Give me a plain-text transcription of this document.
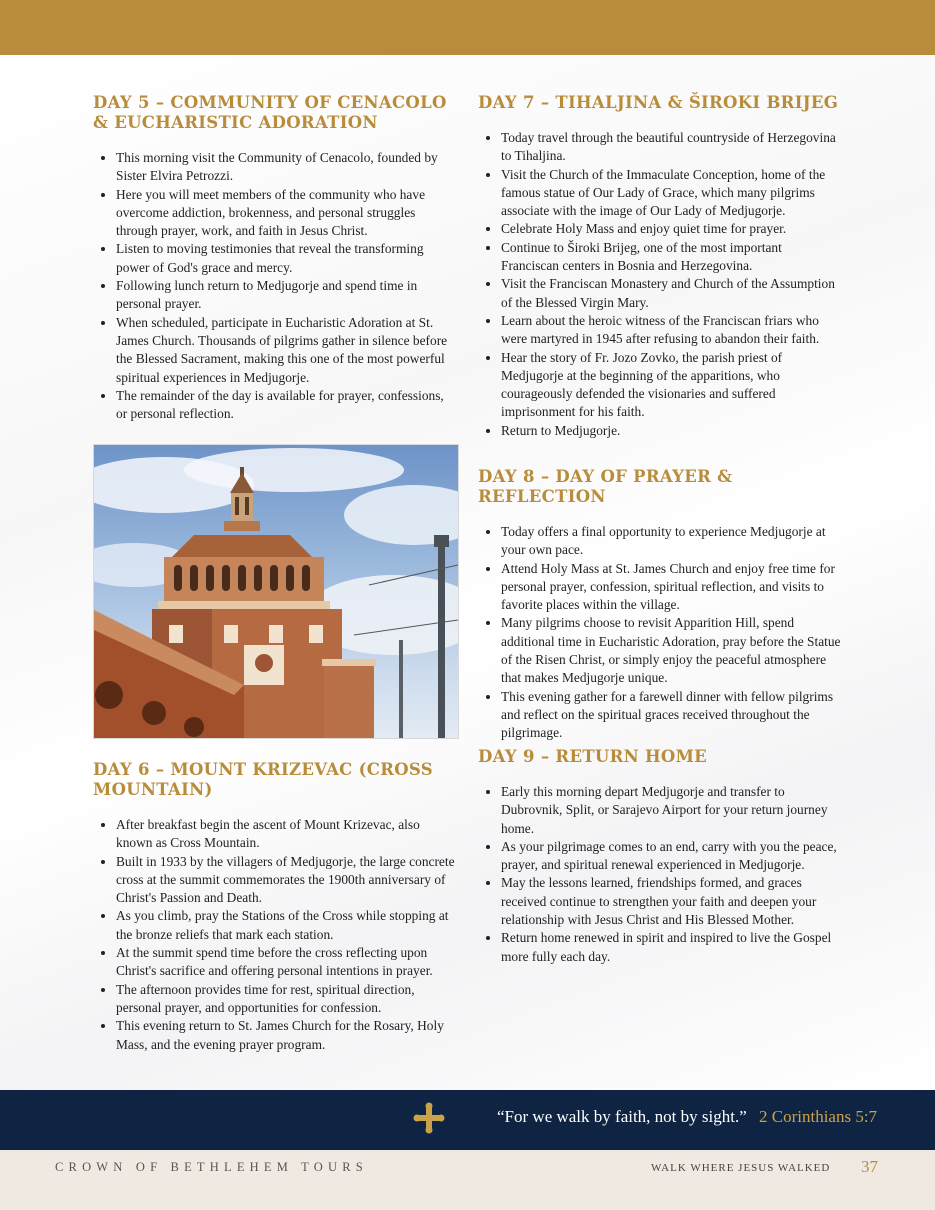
DAY 5 – COMMUNITY OF CENACOLO & EUCHARISTIC ADORATION
• This morning visit the Community of Cenacolo, founded by Sister Elvira Petrozzi.
• Here you will meet members of the community who have overcome addiction, brokenness, and personal struggles through prayer, work, and faith in Jesus Christ.
• Listen to moving testimonies that reveal the transforming power of God's grace and mercy.
• Following lunch return to Medjugorje and spend time in personal prayer.
• When scheduled, participate in Eucharistic Adoration at St. James Church. Thousands of pilgrims gather in silence before the Blessed Sacrament, making this one of the most powerful spiritual experiences in Medjugorje.
• The remainder of the day is available for prayer, confessions, or personal reflection.
DAY 6 – MOUNT KRIZEVAC (CROSS MOUNTAIN)
• After breakfast begin the ascent of Mount Krizevac, also known as Cross Mountain.
• Built in 1933 by the villagers of Medjugorje, the large concrete cross at the summit commemorates the 1900th anniversary of Christ's Passion and Death.
• As you climb, pray the Stations of the Cross while stopping at the bronze reliefs that mark each station.
• At the summit spend time before the cross reflecting upon Christ's sacrifice and offering personal intentions in prayer.
• The afternoon provides time for rest, spiritual direction, personal prayer, and opportunities for confession.
• This evening return to St. James Church for the Rosary, Holy Mass, and the evening prayer program.
DAY 7 – TIHALJINA & ŠIROKI BRIJEG
• Today travel through the beautiful countryside of Herzegovina to Tihaljina.
• Visit the Church of the Immaculate Conception, home of the famous statue of Our Lady of Grace, which many pilgrims associate with the image of Our Lady of Medjugorje.
• Celebrate Holy Mass and enjoy quiet time for prayer.
• Continue to Široki Brijeg, one of the most important Franciscan centers in Bosnia and Herzegovina.
• Visit the Franciscan Monastery and Church of the Assumption of the Blessed Virgin Mary.
• Learn about the heroic witness of the Franciscan friars who were martyred in 1945 after refusing to abandon their faith.
• Hear the story of Fr. Jozo Zovko, the parish priest of Medjugorje at the beginning of the apparitions, who courageously defended the visionaries and suffered imprisonment for his faith.
• Return to Medjugorje.
DAY 8 – DAY OF PRAYER & REFLECTION
• Today offers a final opportunity to experience Medjugorje at your own pace.
• Attend Holy Mass at St. James Church and enjoy free time for personal prayer, confession, spiritual reflection, and visits to favorite places within the village.
• Many pilgrims choose to revisit Apparition Hill, spend additional time in Eucharistic Adoration, pray before the Statue of the Risen Christ, or simply enjoy the peaceful atmosphere that makes Medjugorje unique.
• This evening gather for a farewell dinner with fellow pilgrims and reflect on the spiritual graces received throughout the pilgrimage.
DAY 9 – RETURN HOME
• Early this morning depart Medjugorje and transfer to Dubrovnik, Split, or Sarajevo Airport for your return journey home.
• As your pilgrimage comes to an end, carry with you the peace, prayer, and spiritual renewal experienced in Medjugorje.
• May the lessons learned, friendships formed, and graces received continue to strengthen your faith and deepen your relationship with Jesus Christ and His Blessed Mother.
• Return home renewed in spirit and inspired to live the Gospel more fully each day.
“For we walk by faith, not by sight.” 2 Corinthians 5:7
CROWN OF BETHLEHEM TOURS	WALK WHERE JESUS WALKED 37
